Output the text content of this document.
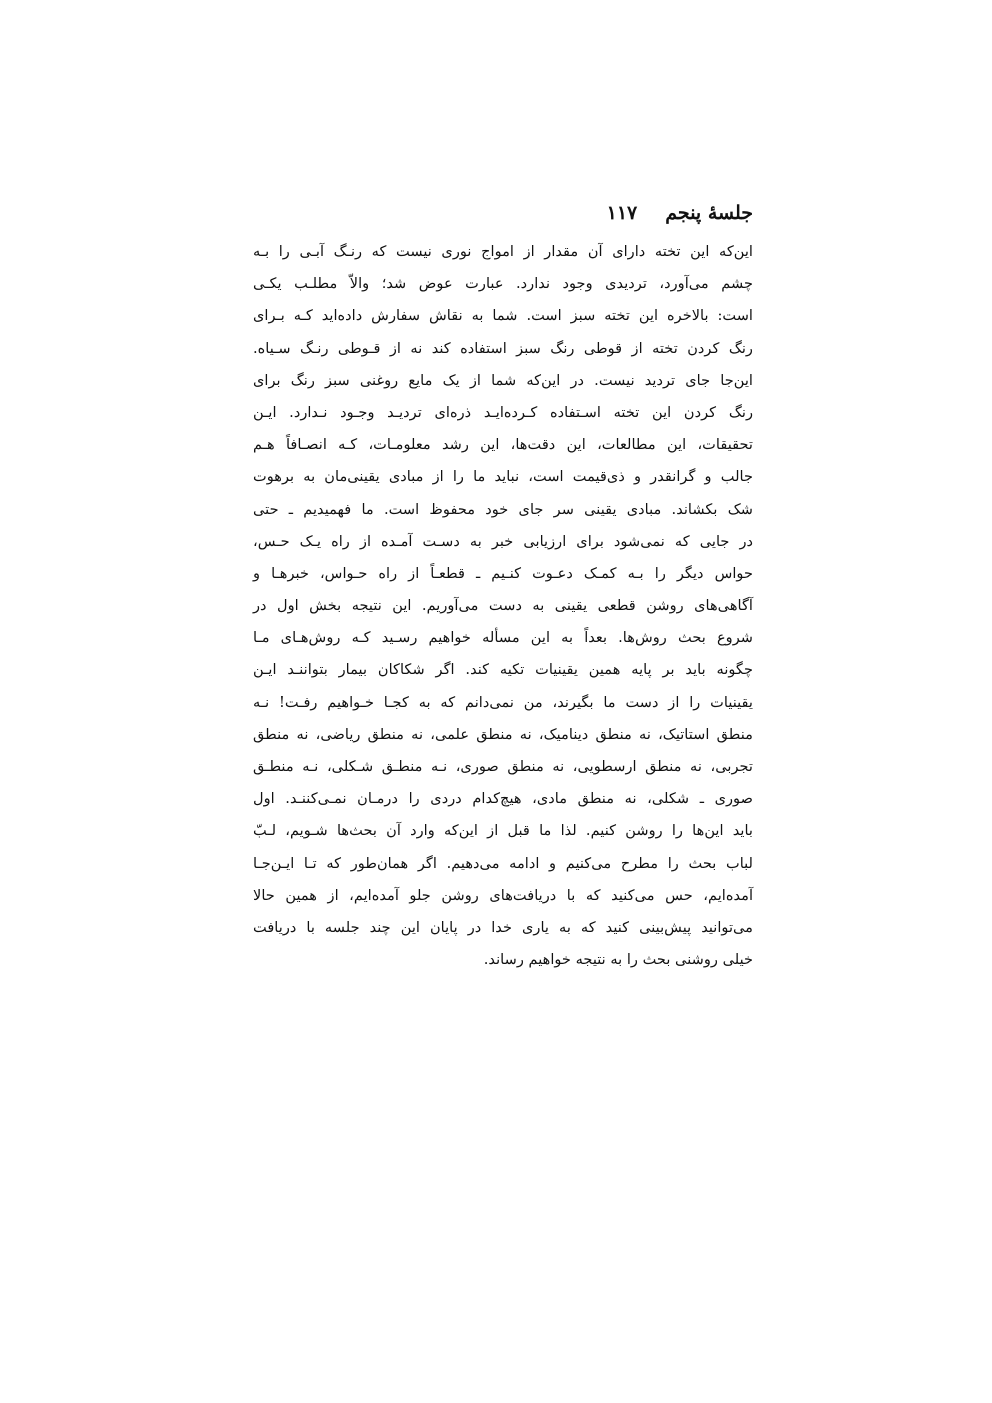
جلسهٔ پنجم ۱۱۷
این‌که این تخته دارای آن مقدار از امواج نوری نیست که رنـگ آبـی را بـه
چشم می‌آورد، تردیدی وجود ندارد. عبارت عوض شد؛ والاّ مطلـب یکـی
است: بالاخره این تخته سبز است. شما به نقاش سفارش داده‌اید کـه بـرای
رنگ کردن تخته از قوطی رنگ سبز استفاده کند نه از قـوطی رنـگ سـیاه.
این‌جا جای تردید نیست. در این‌که شما از یک مایع روغنی سبز رنگ برای
رنگ کردن این تخته اسـتفاده کـرده‌ایـد ذره‌ای تردیـد وجـود نـدارد. ایـن
تحقیقات، این مطالعات، این دقت‌ها، این رشد معلومـات، کـه انصـافاً هـم
جالب و گرانقدر و ذی‌قیمت است، نباید ما را از مبادی یقینی‌مان به برهوت
شک بکشاند. مبادی یقینی سر جای خود محفوظ است. ما فهمیدیم ـ حتی
در جایی که نمی‌شود برای ارزیابی خبر به دسـت آمـده از راه یـک حـس،
حواس دیگر را بـه کمـک دعـوت کنـیم ـ قطعـاً از راه حـواس، خبرهـا و
آگاهی‌های روشن قطعی یقینی به دست می‌آوریم. این نتیجه بخش اول در
شروع بحث روش‌ها. بعداً به این مسأله خواهیم رسـید کـه روش‌هـای مـا
چگونه باید بر پایه همین یقینیات تکیه کند. اگر شکاکان بیمار بتواننـد ایـن
یقینیات را از دست ما بگیرند، من نمی‌دانم که به کجـا خـواهیم رفـت! نـه
منطق استاتیک، نه منطق دینامیک، نه منطق علمی، نه منطق ریاضی، نه منطق
تجربی، نه منطق ارسطویی، نه منطق صوری، نـه منطـق شـکلی، نـه منطـق
صوری ـ شکلی، نه منطق مادی، هیچ‌کدام دردی را درمـان نمـی‌کننـد. اول
باید این‌ها را روشن کنیم. لذا ما قبل از این‌که وارد آن بحث‌ها شـویم، لـبّ
لباب بحث را مطرح می‌کنیم و ادامه می‌دهیم. اگر همان‌طور که تـا ایـن‌جـا
آمده‌ایم، حس می‌کنید که با دریافت‌های روشن جلو آمده‌ایم، از همین حالا
می‌توانید پیش‌بینی کنید که به یاری خدا در پایان این چند جلسه با دریافت
خیلی روشنی بحث را به نتیجه خواهیم رساند.
